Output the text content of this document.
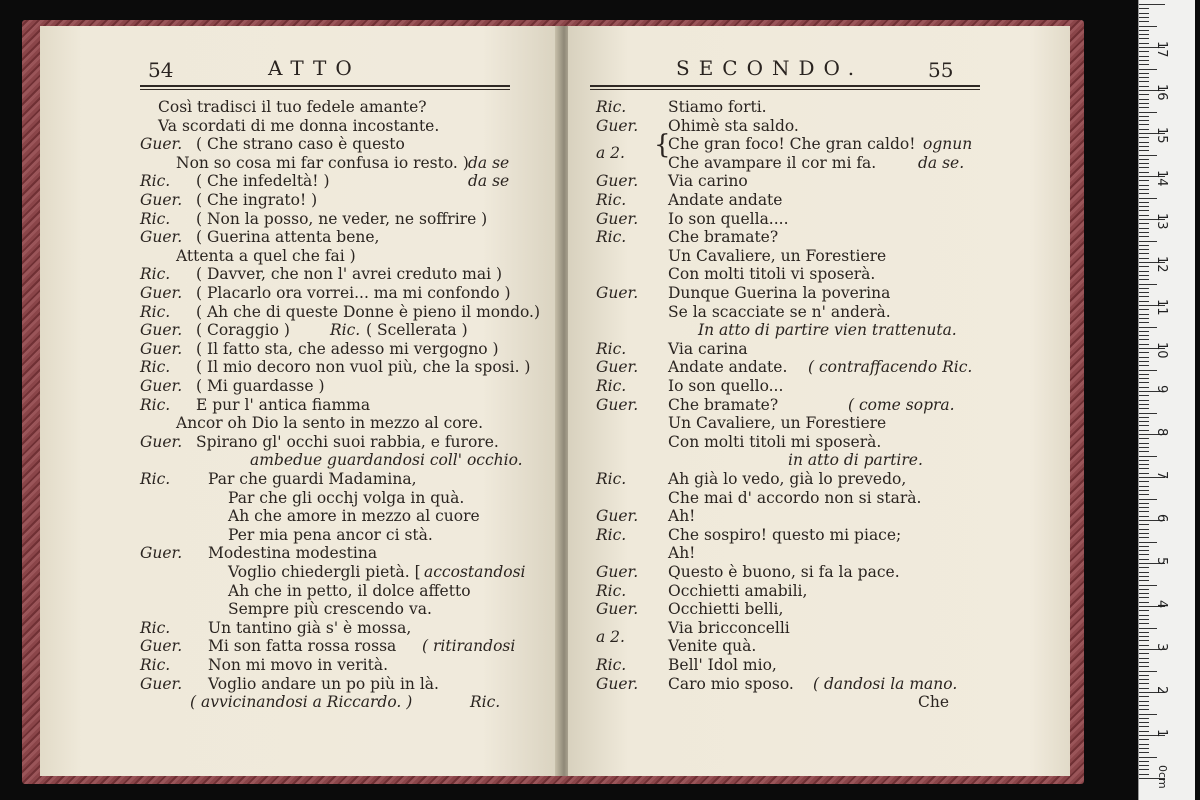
54	ATTO
Così tradisci il tuo fedele amante?
Va scordati di me donna incostante.
Guer. ( Che strano caso è questo
Non so cosa mi far confusa io resto. ) da se
Ric. ( Che infedeltà! )	da se
Guer. ( Che ingrato! )
Ric. ( Non la posso, ne veder, ne soffrire )
Guer. ( Guerina attenta bene,
Attenta a quel che fai )
Ric. ( Davver, che non l' avrei creduto mai )
Guer. ( Placarlo ora vorrei... ma mi confondo )
Ric. ( Ah che di queste Donne è pieno il mondo.)
Guer. ( Coraggio )	Ric. ( Scellerata )
Guer. ( Il fatto sta, che adesso mi vergogno )
Ric. ( Il mio decoro non vuol più, che la sposi. )
Guer. ( Mi guardasse )
Ric. E pur l' antica fiamma
Ancor oh Dio la sento in mezzo al core.
Guer. Spirano gl' occhi suoi rabbia, e furore.
ambedue guardandosi coll' occhio.
Ric. Par che guardi Madamina,
Par che gli occhj volga in quà.
Ah che amore in mezzo al cuore
Per mia pena ancor ci stà.
Guer. Modestina modestina
Voglio chiedergli pietà. [ accostandosi
Ah che in petto, il dolce affetto
Sempre più crescendo va.
Ric. Un tantino già s' è mossa,
Guer. Mi son fatta rossa rossa ( ritirandosi
Ric. Non mi movo in verità.
Guer. Voglio andare un po più in là.
( avvicinandosi a Riccardo. )	Ric.
SECONDO.	55
Ric.	Stiamo forti.
Guer. Ohimè sta saldo.
a 2.	Che gran foco! Che gran caldo! ognun
Che avampare il cor mi fa.	da se.
Guer. Via carino
Ric.	Andate andate
Guer. Io son quella....
Ric.	Che bramate?
Un Cavaliere, un Forestiere
Con molti titoli vi sposerà.
Guer. Dunque Guerina la poverina
Se la scacciate se n' anderà.
In atto di partire vien trattenuta.
Ric.	Via carina
Guer. Andate andate. ( contraffacendo Ric.
Ric.	Io son quello...
Guer. Che bramate?	( come sopra.
Un Cavaliere, un Forestiere
Con molti titoli mi sposerà.
in atto di partire.
Ric.	Ah già lo vedo, già lo prevedo,
Che mai d' accordo non si starà.
Guer. Ah!
Ric.	Che sospiro! questo mi piace;
Ah!
Guer. Questo è buono, si fa la pace.
Ric.	Occhietti amabili,
Guer. Occhietti belli,
a 2.	Via bricconcelli
Venite quà.
Ric.	Bell' Idol mio,
Guer. Caro mio sposo. ( dandosi la mano.
Che
{
1
2
3
4
5
6
7
8
9
10
11
12
13
14
15
16
17
0cm
